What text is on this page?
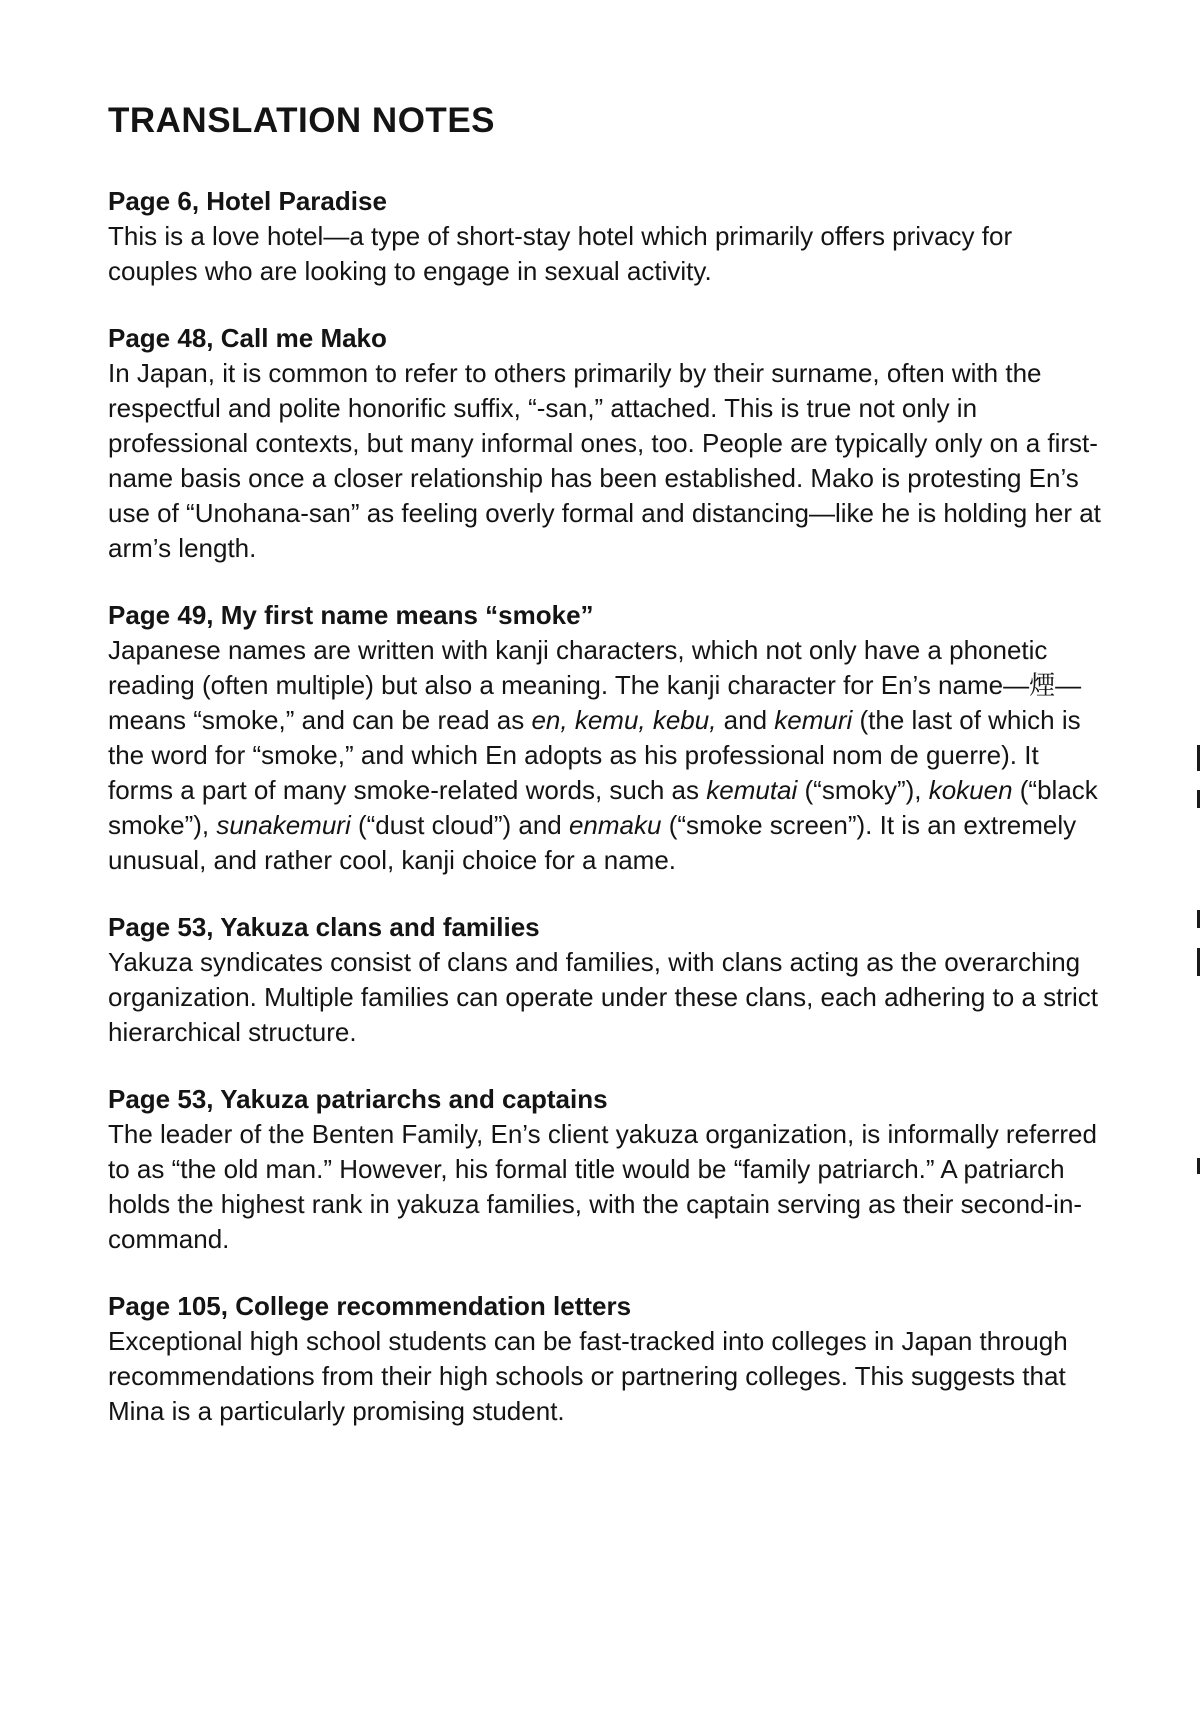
TRANSLATION NOTES

Page 6, Hotel Paradise

This is a love hotel—a type of short-stay hotel which primarily offers privacy for couples who are looking to engage in sexual activity.

Page 48, Call me Mako

In Japan, it is common to refer to others primarily by their surname, often with the respectful and polite honorific suffix, “-san,” attached. This is true not only in professional contexts, but many informal ones, too. People are typically only on a first-name basis once a closer relationship has been established. Mako is protesting En’s use of “Unohana-san” as feeling overly formal and distancing—like he is holding her at arm’s length.

Page 49, My first name means “smoke”

Japanese names are written with kanji characters, which not only have a phonetic reading (often multiple) but also a meaning. The kanji character for En’s name—煙—means “smoke,” and can be read as en, kemu, kebu, and kemuri (the last of which is the word for “smoke,” and which En adopts as his professional nom de guerre). It forms a part of many smoke-related words, such as kemutai (“smoky”), kokuen (“black smoke”), sunakemuri (“dust cloud”) and enmaku (“smoke screen”). It is an extremely unusual, and rather cool, kanji choice for a name.

Page 53, Yakuza clans and families

Yakuza syndicates consist of clans and families, with clans acting as the overarching organization. Multiple families can operate under these clans, each adhering to a strict hierarchical structure.

Page 53, Yakuza patriarchs and captains

The leader of the Benten Family, En’s client yakuza organization, is informally referred to as “the old man.” However, his formal title would be “family patriarch.” A patriarch holds the highest rank in yakuza families, with the captain serving as their second-in-command.

Page 105, College recommendation letters

Exceptional high school students can be fast-tracked into colleges in Japan through recommendations from their high schools or partnering colleges. This suggests that Mina is a particularly promising student.
